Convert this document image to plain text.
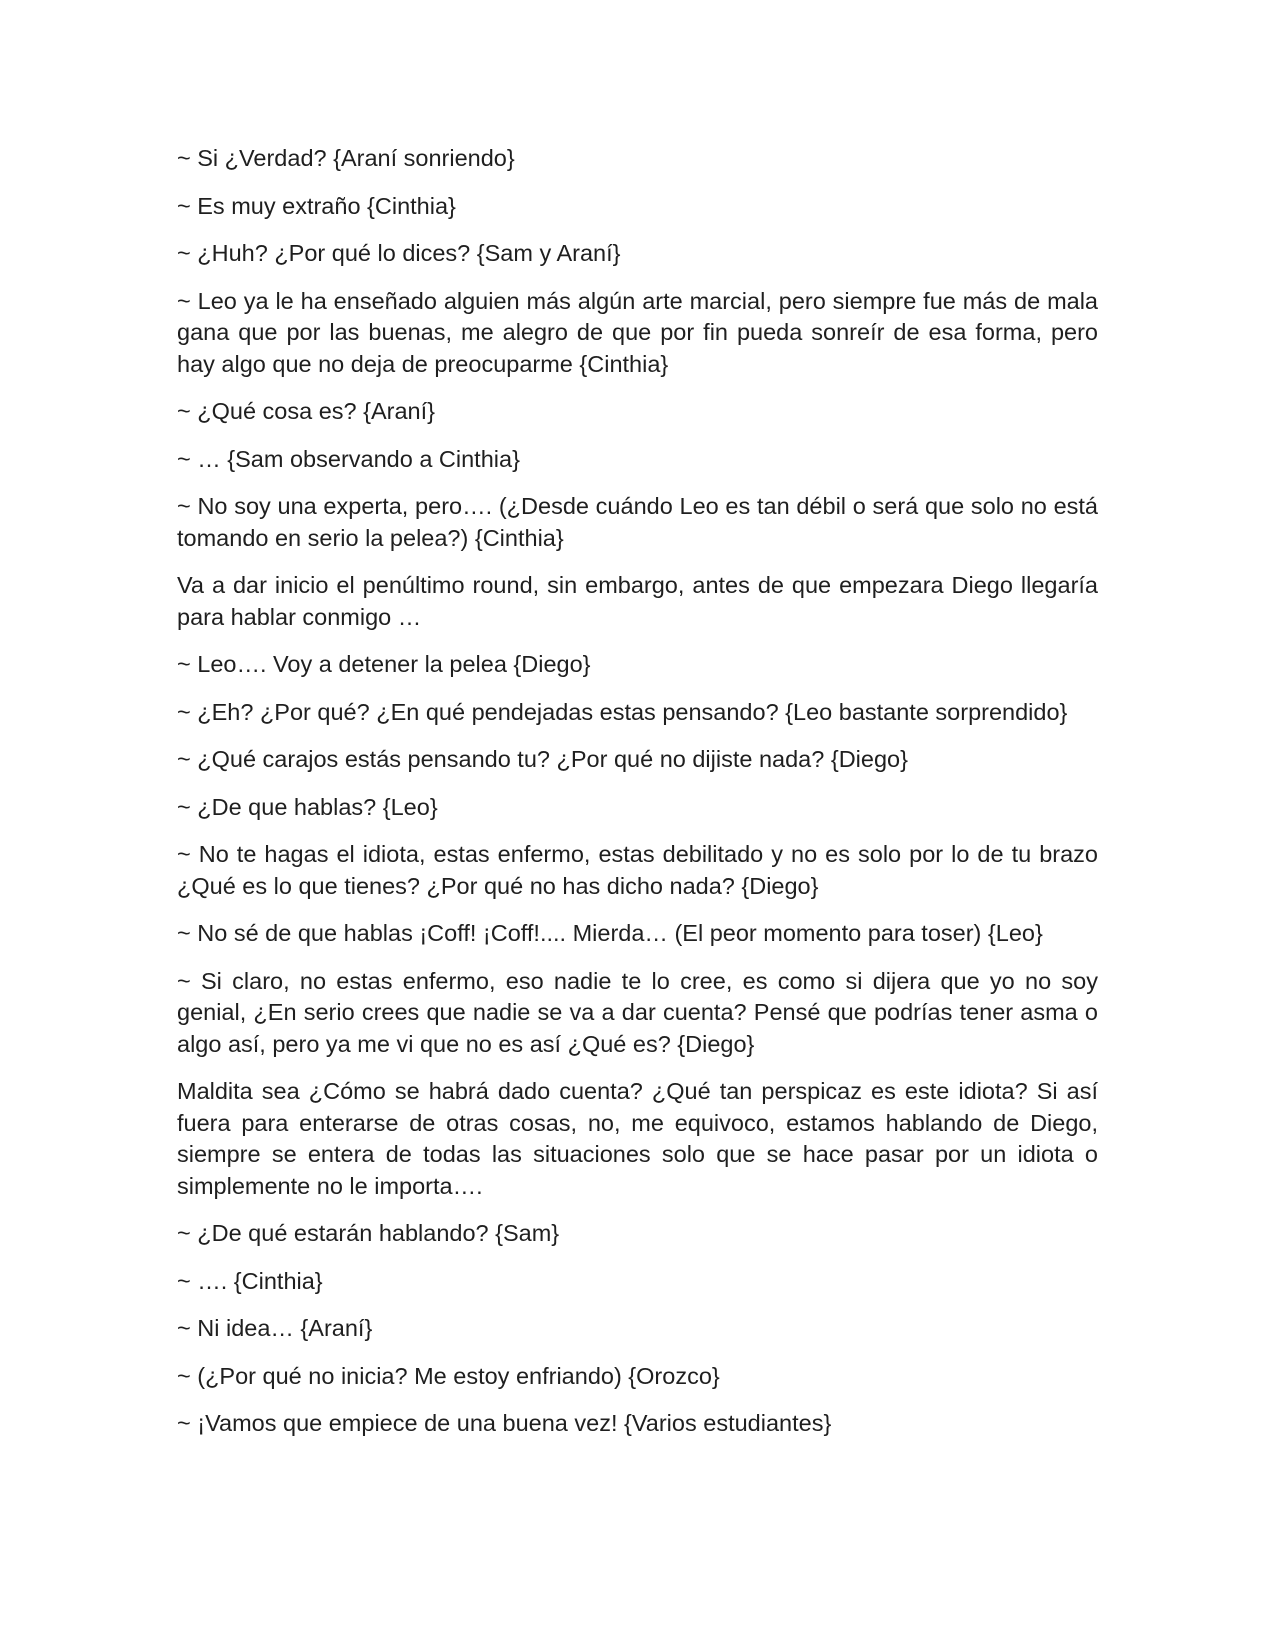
~ Si ¿Verdad? {Araní sonriendo}

~ Es muy extraño {Cinthia}

~ ¿Huh? ¿Por qué lo dices? {Sam y Araní}

~ Leo ya le ha enseñado alguien más algún arte marcial, pero siempre fue más de mala gana que por las buenas, me alegro de que por fin pueda sonreír de esa forma, pero hay algo que no deja de preocuparme {Cinthia}

~ ¿Qué cosa es? {Araní}

~ … {Sam observando a Cinthia}

~ No soy una experta, pero…. (¿Desde cuándo Leo es tan débil o será que solo no está tomando en serio la pelea?) {Cinthia}

Va a dar inicio el penúltimo round, sin embargo, antes de que empezara Diego llegaría para hablar conmigo …

~ Leo…. Voy a detener la pelea {Diego}

~ ¿Eh? ¿Por qué? ¿En qué pendejadas estas pensando? {Leo bastante sorprendido}

~ ¿Qué carajos estás pensando tu? ¿Por qué no dijiste nada? {Diego}

~ ¿De que hablas? {Leo}

~ No te hagas el idiota, estas enfermo, estas debilitado y no es solo por lo de tu brazo ¿Qué es lo que tienes? ¿Por qué no has dicho nada? {Diego}

~ No sé de que hablas ¡Coff! ¡Coff!.... Mierda… (El peor momento para toser) {Leo}

~ Si claro, no estas enfermo, eso nadie te lo cree, es como si dijera que yo no soy genial, ¿En serio crees que nadie se va a dar cuenta? Pensé que podrías tener asma o algo así, pero ya me vi que no es así ¿Qué es? {Diego}

Maldita sea ¿Cómo se habrá dado cuenta? ¿Qué tan perspicaz es este idiota? Si así fuera para enterarse de otras cosas, no, me equivoco, estamos hablando de Diego, siempre se entera de todas las situaciones solo que se hace pasar por un idiota o simplemente no le importa….

~ ¿De qué estarán hablando? {Sam}

~ …. {Cinthia}

~ Ni idea… {Araní}

~ (¿Por qué no inicia? Me estoy enfriando) {Orozco}

~ ¡Vamos que empiece de una buena vez! {Varios estudiantes}
